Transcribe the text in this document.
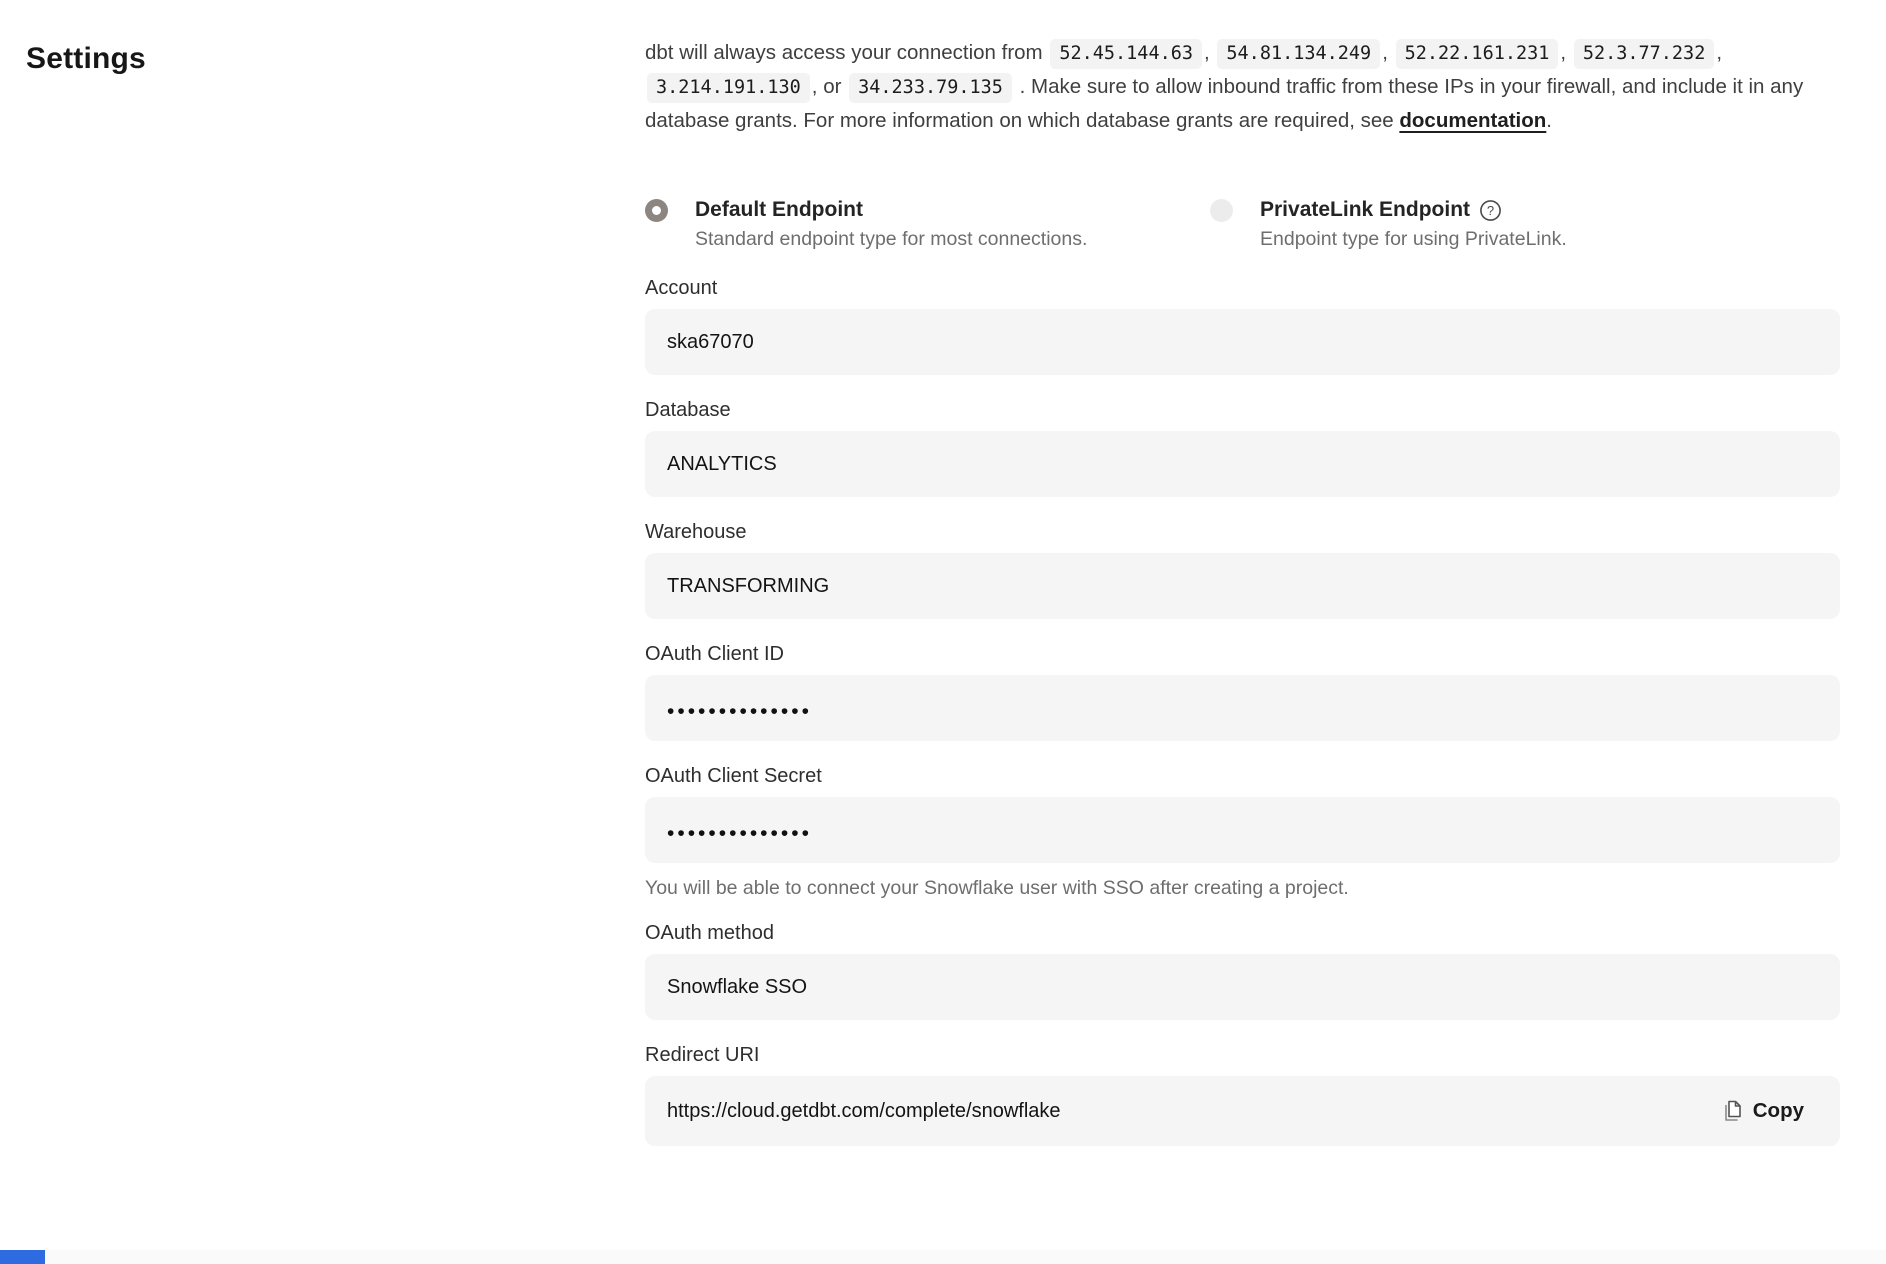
Settings	dbt will always access your connection from 52.45.144.63 , 54.81.134.249 , 52.22.161.231 , 52.3.77.232 , 3.214.191.130 , or 34.233.79.135 . Make sure to allow inbound traffic from these IPs in your firewall, and include it in any database grants. For more information on which database grants are required, see documentation.

Default Endpoint
Standard endpoint type for most connections.
PrivateLink Endpoint ?
Endpoint type for using PrivateLink.
Account
ska67070
Database
ANALYTICS
Warehouse
TRANSFORMING
OAuth Client ID
••••••••••••••
OAuth Client Secret
••••••••••••••
You will be able to connect your Snowflake user with SSO after creating a project.
OAuth method
Snowflake SSO
Redirect URI
https://cloud.getdbt.com/complete/snowflake	Copy
